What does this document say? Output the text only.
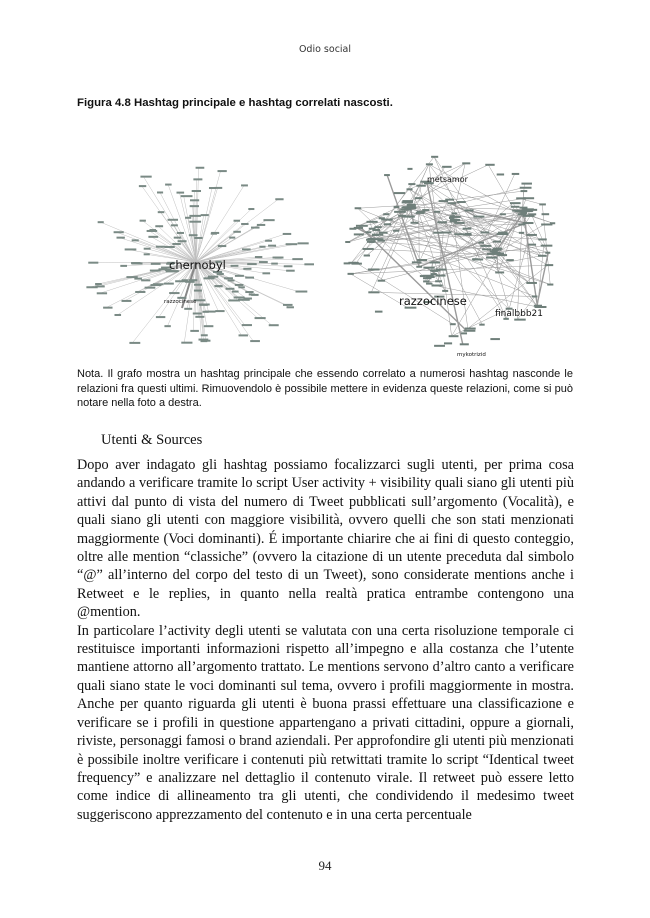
Odio social
Figura 4.8 Hashtag principale e hashtag correlati nascosti.
chernobyl
razzocinese
metsamor
razzocinese
finalbbb21
mykotrizid
Nota. Il grafo mostra un hashtag principale che essendo correlato a numerosi hashtag nasconde le relazioni fra questi ultimi. Rimuovendolo è possibile mettere in evidenza queste relazioni, come si può notare nella foto a destra.
Utenti & Sources

Dopo aver indagato gli hashtag possiamo focalizzarci sugli utenti, per prima cosa andando a verificare tramite lo script User activity + visibility quali siano gli utenti più attivi dal punto di vista del numero di Tweet pubblicati sull’argomento (Vocalità), e quali siano gli utenti con maggiore visibilità, ovvero quelli che son stati menzionati maggiormente (Voci dominanti). É importante chiarire che ai fini di questo conteggio, oltre alle mention “classiche” (ovvero la citazione di un utente preceduta dal simbolo “@” all’interno del corpo del testo di un Tweet), sono considerate mentions anche i Retweet e le replies, in quanto nella realtà pratica entrambe contengono una @mention.

In particolare l’activity degli utenti se valutata con una certa risoluzione temporale ci restituisce importanti informazioni rispetto all’impegno e alla costanza che l’utente mantiene attorno all’argomento trattato. Le mentions servono d’altro canto a verificare quali siano state le voci dominanti sul tema, ovvero i profili maggiormente in mostra. Anche per quanto riguarda gli utenti è buona prassi effettuare una classificazione e verificare se i profili in questione appartengano a privati cittadini, oppure a giornali, riviste, personaggi famosi o brand aziendali. Per approfondire gli utenti più menzionati è possibile inoltre verificare i contenuti più retwittati tramite lo script “Identical tweet frequency” e analizzare nel dettaglio il contenuto virale. Il retweet può essere letto come indice di allineamento tra gli utenti, che condividendo il medesimo tweet suggeriscono apprezzamento del contenuto e in una certa percentuale

94
